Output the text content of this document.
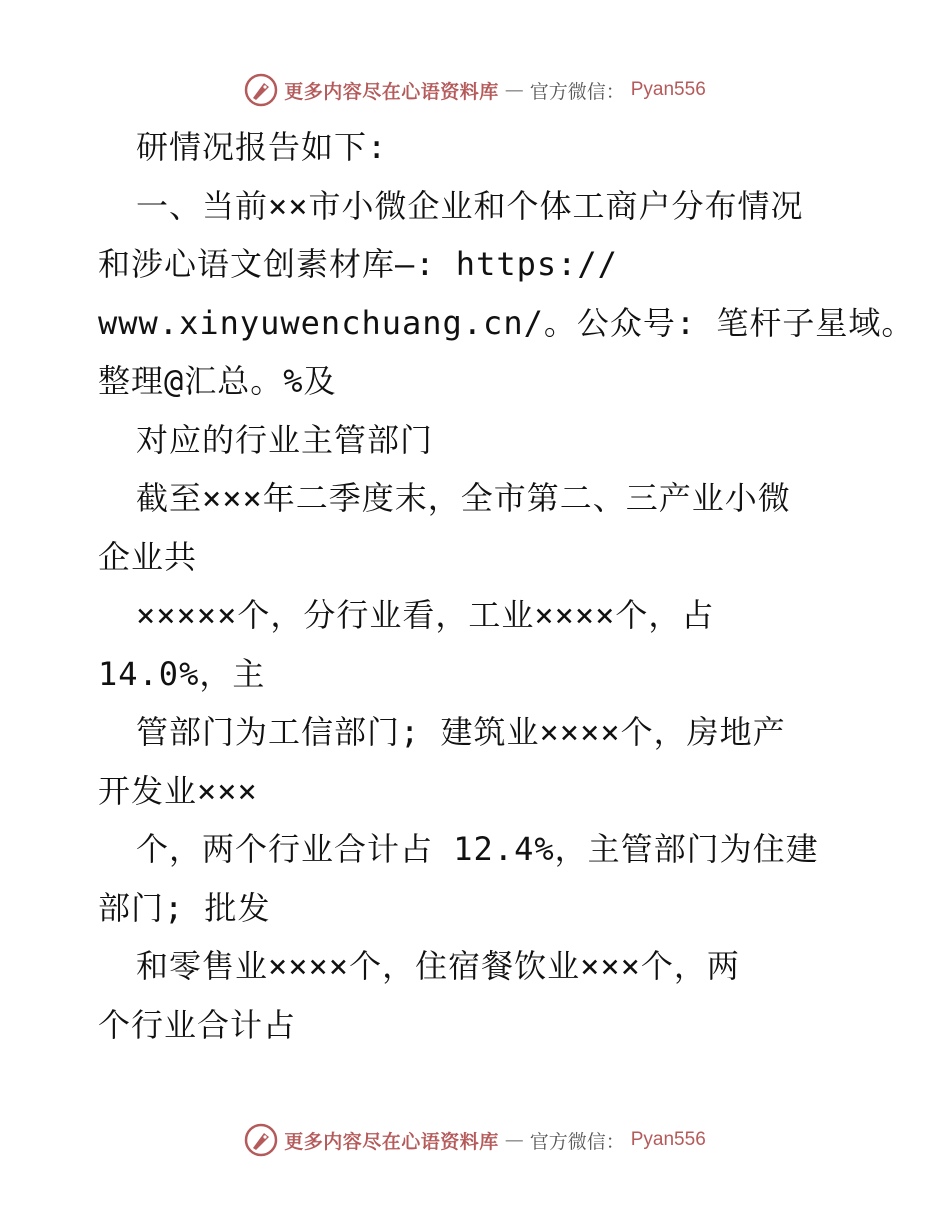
更多内容尽在心语资料库 — 官方微信： Pyan556
研情况报告如下:
一、当前××市小微企业和个体工商户分布情况
和涉心语文创素材库—: https://
www.xinyuwenchuang.cn/。公众号: 笔杆子星域。
整理@汇总。%及
对应的行业主管部门
截至×××年二季度末，全市第二、三产业小微
企业共
×××××个，分行业看，工业××××个，占
14.0%，主
管部门为工信部门; 建筑业××××个，房地产
开发业×××
个，两个行业合计占 12.4%，主管部门为住建
部门; 批发
和零售业××××个，住宿餐饮业×××个，两
个行业合计占
更多内容尽在心语资料库 — 官方微信： Pyan556
